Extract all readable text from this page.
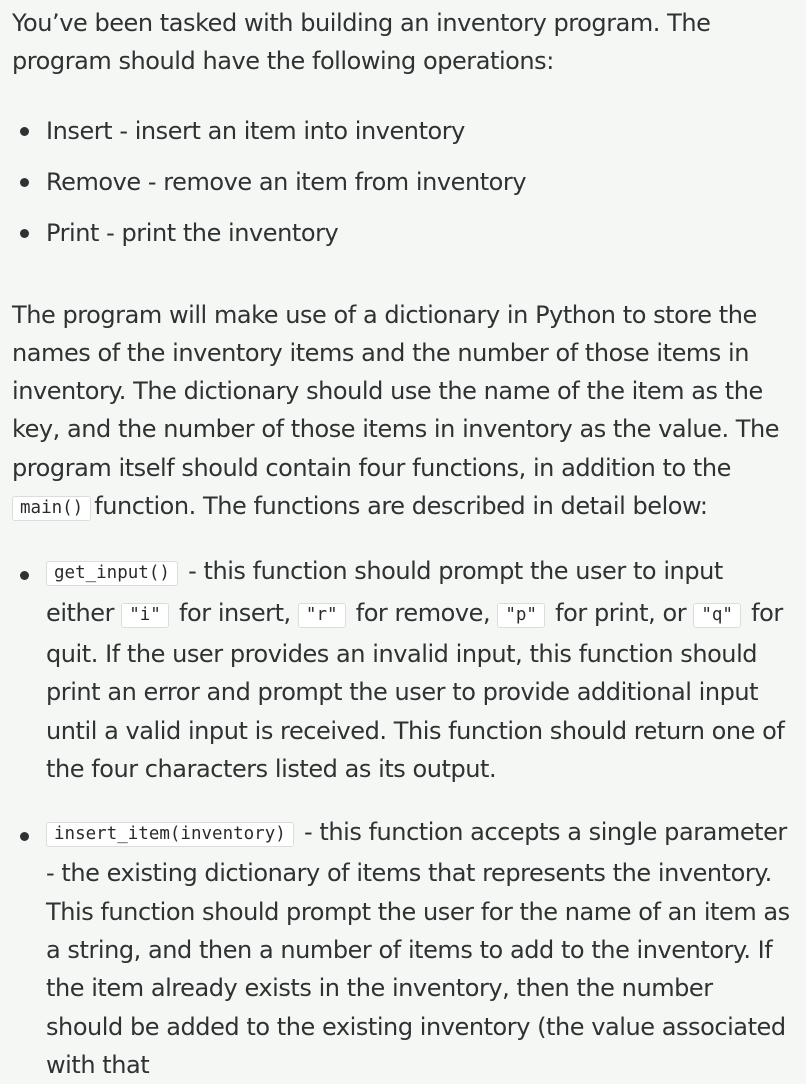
You’ve been tasked with building an inventory program. The program should have the following operations:

Insert - insert an item into inventory
Remove - remove an item from inventory
Print - print the inventory

The program will make use of a dictionary in Python to store the names of the inventory items and the number of those items in inventory. The dictionary should use the name of the item as the key, and the number of those items in inventory as the value. The program itself should contain four functions, in addition to the main() function. The functions are described in detail below:

get_input() - this function should prompt the user to input either "i" for insert, "r" for remove, "p" for print, or "q" for quit. If the user provides an invalid input, this function should print an error and prompt the user to provide additional input until a valid input is received. This function should return one of the four characters listed as its output.
insert_item(inventory) - this function accepts a single parameter - the existing dictionary of items that represents the inventory. This function should prompt the user for the name of an item as a string, and then a number of items to add to the inventory. If the item already exists in the inventory, then the number should be added to the existing inventory (the value associated with that
